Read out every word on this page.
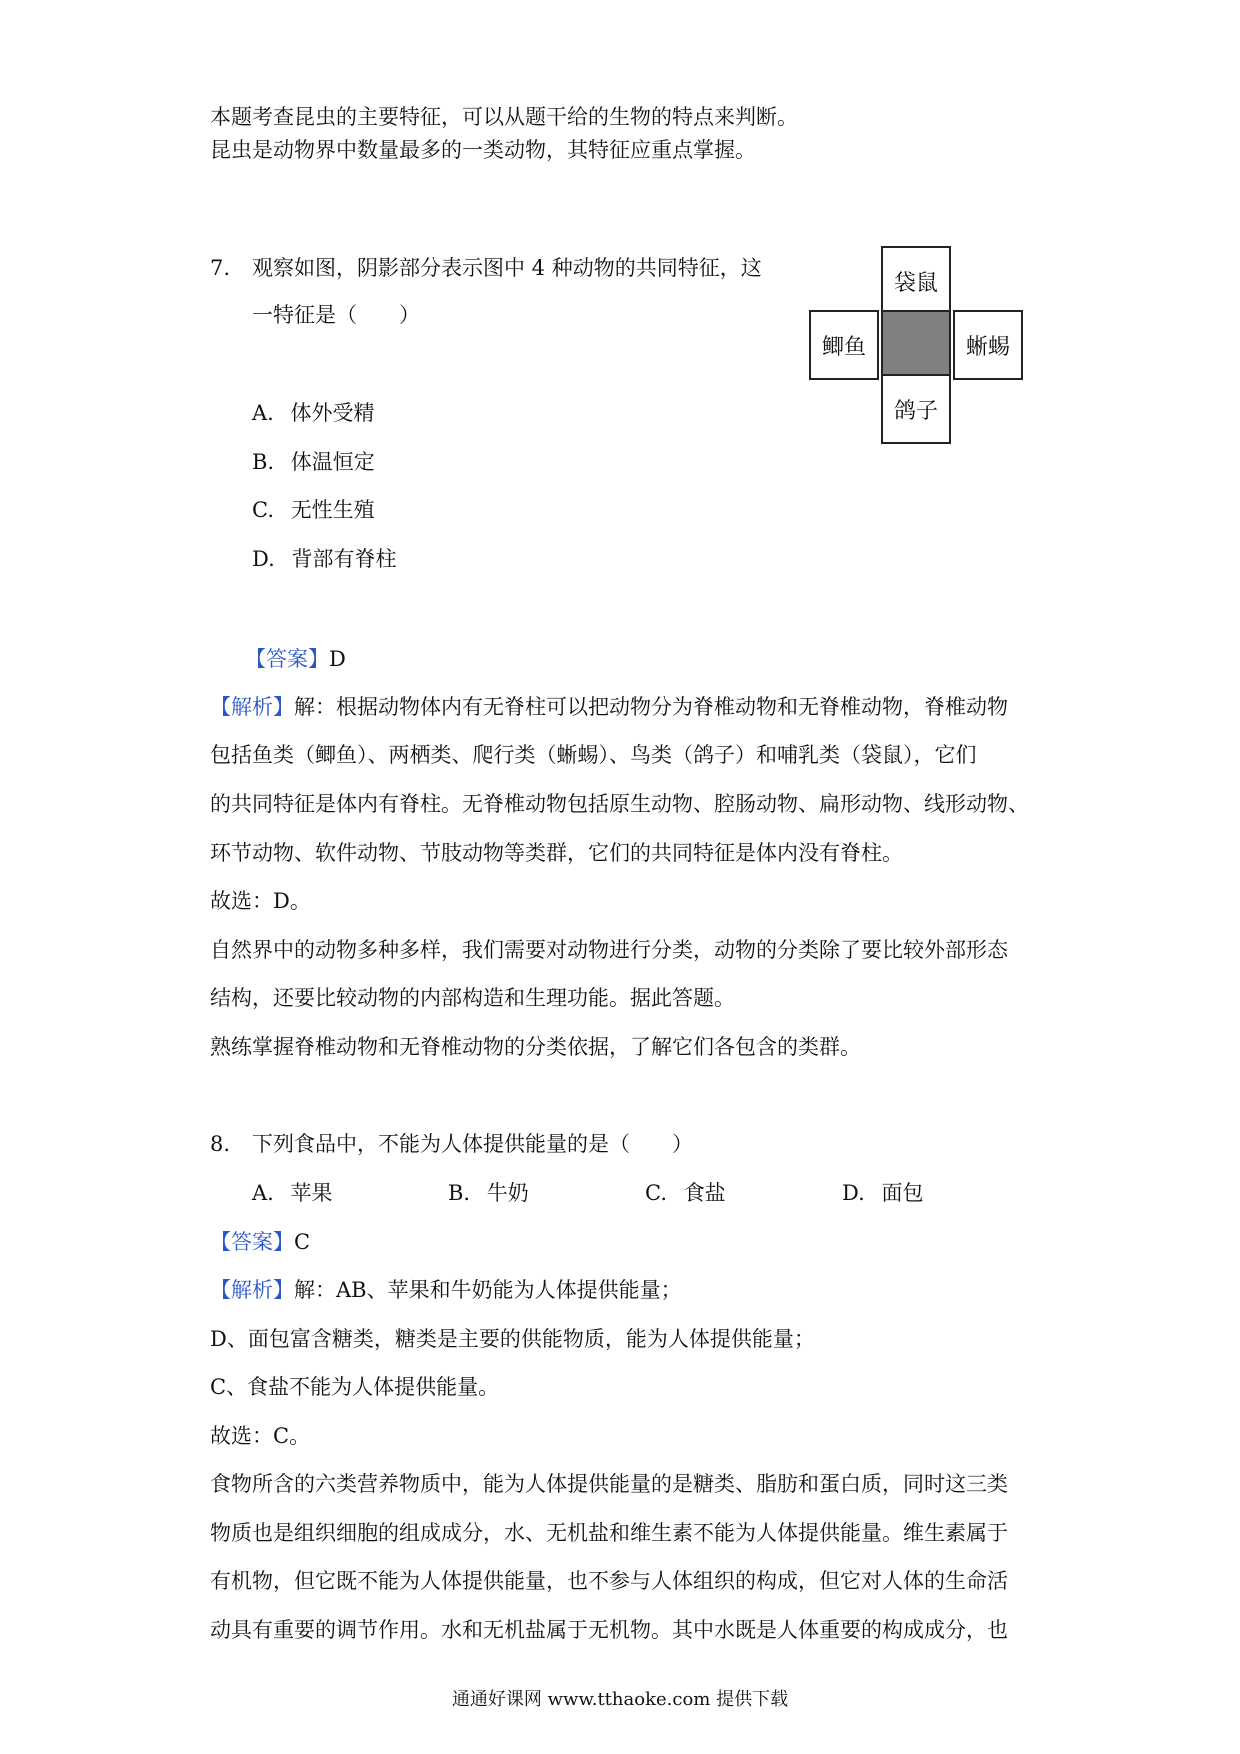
本题考查昆虫的主要特征，可以从题干给的生物的特点来判断。
昆虫是动物界中数量最多的一类动物，其特征应重点掌握。
7. 观察如图，阴影部分表示图中 4 种动物的共同特征，这
一特征是（　　）
A. 体外受精
B. 体温恒定
C. 无性生殖
D. 背部有脊柱
袋鼠
鲫鱼	蜥蜴
鸽子
【答案】D
【解析】解：根据动物体内有无脊柱可以把动物分为脊椎动物和无脊椎动物，脊椎动物
包括鱼类（鲫鱼）、两栖类、爬行类（蜥蜴）、鸟类（鸽子）和哺乳类（袋鼠），它们
的共同特征是体内有脊柱。无脊椎动物包括原生动物、腔肠动物、扁形动物、线形动物、
环节动物、软件动物、节肢动物等类群，它们的共同特征是体内没有脊柱。
故选：D。
自然界中的动物多种多样，我们需要对动物进行分类，动物的分类除了要比较外部形态
结构，还要比较动物的内部构造和生理功能。据此答题。
熟练掌握脊椎动物和无脊椎动物的分类依据，了解它们各包含的类群。
8. 下列食品中，不能为人体提供能量的是（　　）
A. 苹果	B. 牛奶	C. 食盐	D. 面包
【答案】C
【解析】解：AB、苹果和牛奶能为人体提供能量；
D、面包富含糖类，糖类是主要的供能物质，能为人体提供能量；
C、食盐不能为人体提供能量。
故选：C。
食物所含的六类营养物质中，能为人体提供能量的是糖类、脂肪和蛋白质，同时这三类
物质也是组织细胞的组成成分，水、无机盐和维生素不能为人体提供能量。维生素属于
有机物，但它既不能为人体提供能量，也不参与人体组织的构成，但它对人体的生命活
动具有重要的调节作用。水和无机盐属于无机物。其中水既是人体重要的构成成分，也
通通好课网 www.tthaoke.com 提供下载
